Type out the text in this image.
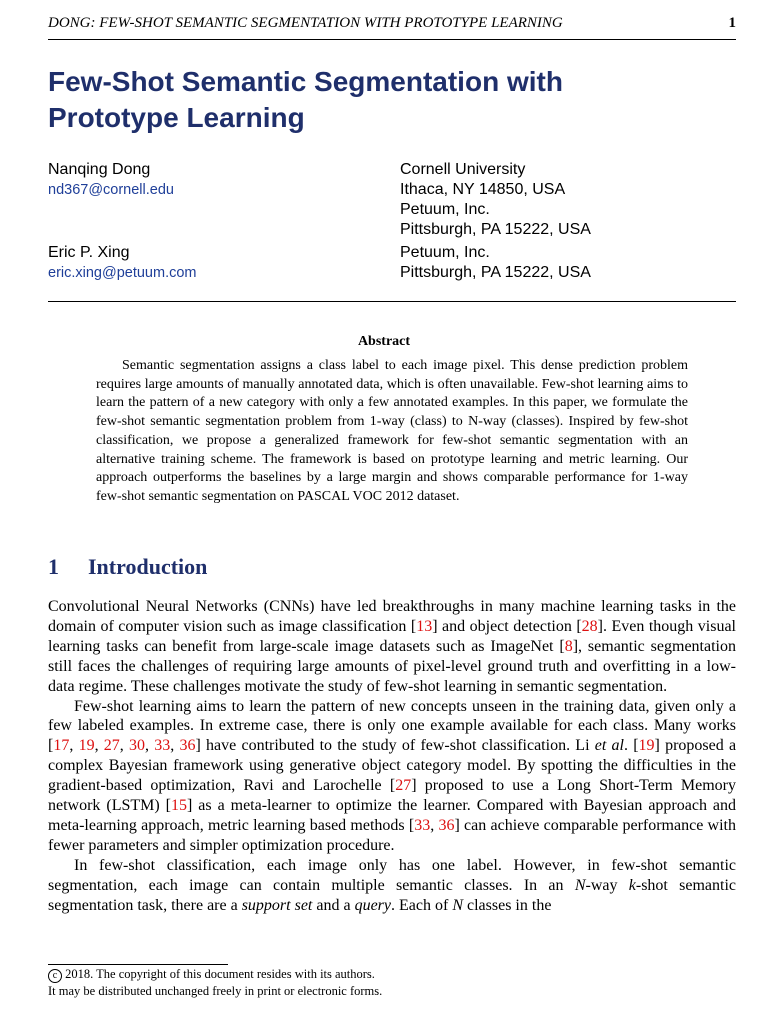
DONG: FEW-SHOT SEMANTIC SEGMENTATION WITH PROTOTYPE LEARNING	1
Few-Shot Semantic Segmentation with
Prototype Learning
Nanqing Dong
nd367@cornell.edu
Cornell University
Ithaca, NY 14850, USA
Petuum, Inc.
Pittsburgh, PA 15222, USA
Eric P. Xing
eric.xing@petuum.com
Petuum, Inc.
Pittsburgh, PA 15222, USA
Abstract

Semantic segmentation assigns a class label to each image pixel. This dense prediction problem requires large amounts of manually annotated data, which is often unavailable. Few-shot learning aims to learn the pattern of a new category with only a few annotated examples. In this paper, we formulate the few-shot semantic segmentation problem from 1-way (class) to N-way (classes). Inspired by few-shot classification, we propose a generalized framework for few-shot semantic segmentation with an alternative training scheme. The framework is based on prototype learning and metric learning. Our approach outperforms the baselines by a large margin and shows comparable performance for 1-way few-shot semantic segmentation on PASCAL VOC 2012 dataset.

1 Introduction

Convolutional Neural Networks (CNNs) have led breakthroughs in many machine learning tasks in the domain of computer vision such as image classification [13] and object detection [28]. Even though visual learning tasks can benefit from large-scale image datasets such as ImageNet [8], semantic segmentation still faces the challenges of requiring large amounts of pixel-level ground truth and overfitting in a low-data regime. These challenges motivate the study of few-shot learning in semantic segmentation.

Few-shot learning aims to learn the pattern of new concepts unseen in the training data, given only a few labeled examples. In extreme case, there is only one example available for each class. Many works [17, 19, 27, 30, 33, 36] have contributed to the study of few-shot classification. Li et al. [19] proposed a complex Bayesian framework using generative object category model. By spotting the difficulties in the gradient-based optimization, Ravi and Larochelle [27] proposed to use a Long Short-Term Memory network (LSTM) [15] as a meta-learner to optimize the learner. Compared with Bayesian approach and meta-learning approach, metric learning based methods [33, 36] can achieve comparable performance with fewer parameters and simpler optimization procedure.

In few-shot classification, each image only has one label. However, in few-shot semantic segmentation, each image can contain multiple semantic classes. In an N-way k-shot semantic segmentation task, there are a support set and a query. Each of N classes in the

c 2018. The copyright of this document resides with its authors.
It may be distributed unchanged freely in print or electronic forms.
